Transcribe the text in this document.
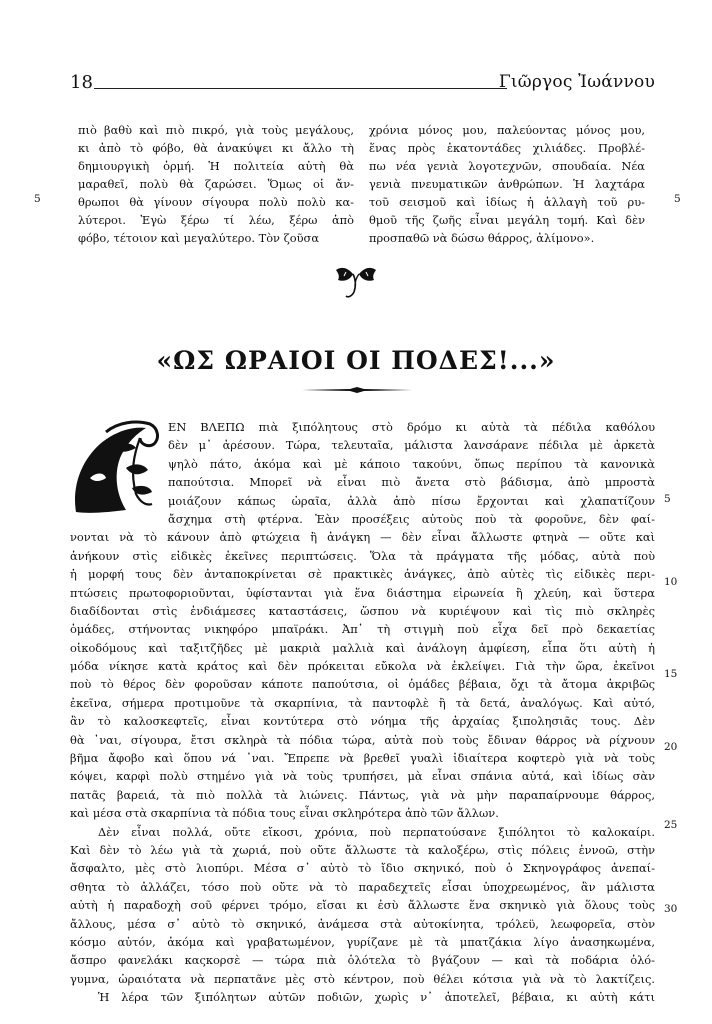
18	Γιῶργος Ἰωάννου
πιὸ βαθὺ καὶ πιὸ πικρό, γιὰ τοὺς μεγάλους,
κι ἀπὸ τὸ φόβο, θὰ ἀνακύψει κι ἄλλο τὴ
δημιουργικὴ ὁρμή. Ἡ πολιτεία αὐτὴ θὰ
μαραθεῖ, πολὺ θὰ ζαρώσει. Ὅμως οἱ ἄν-
θρωποι θὰ γίνουν σίγουρα πολὺ πολὺ κα-
λύτεροι. Ἐγὼ ξέρω τί λέω, ξέρω ἀπὸ
φόβο, τέτοιον καὶ μεγαλύτερο. Τὸν ζοῦσα
χρόνια μόνος μου, παλεύοντας μόνος μου,
ἕνας πρὸς ἑκατοντάδες χιλιάδες. Προβλέ-
πω νέα γενιὰ λογοτεχνῶν, σπουδαία. Νέα
γενιὰ πνευματικῶν ἀνθρώπων. Ἡ λαχτάρα
τοῦ σεισμοῦ καὶ ἰδίως ἡ ἀλλαγὴ τοῦ ρυ-
θμοῦ τῆς ζωῆς εἶναι μεγάλη τομή. Καὶ δὲν
προσπαθῶ νὰ δώσω θάρρος, ἀλίμονο».
5	5
«ΩΣ ΩΡΑΙΟΙ ΟΙ ΠΟΔΕΣ!...»
ΕΝ ΒΛΕΠΩ πιὰ ξιπόλητους στὸ δρόμο κι αὐτὰ τὰ πέδιλα καθόλου
δὲν μ᾽ ἀρέσουν. Τώρα, τελευταῖα, μάλιστα λανσάρανε πέδιλα μὲ ἀρκετὰ
ψηλὸ πάτο, ἀκόμα καὶ μὲ κάποιο τακούνι, ὅπως περίπου τὰ κανονικὰ
παπούτσια. Μπορεῖ νὰ εἶναι πιὸ ἄνετα στὸ βάδισμα, ἀπὸ μπροστὰ
μοιάζουν κάπως ὡραῖα, ἀλλὰ ἀπὸ πίσω ἔρχονται καὶ χλαπατίζουν
ἄσχημα στὴ φτέρνα. Ἐὰν προσέξεις αὐτοὺς ποὺ τὰ φοροῦνε, δὲν φαί-
νονται νὰ τὸ κάνουν ἀπὸ φτώχεια ἢ ἀνάγκη — δὲν εἶναι ἄλλωστε φτηνὰ — οὔτε καὶ
ἀνήκουν στὶς εἰδικὲς ἐκεῖνες περιπτώσεις. Ὅλα τὰ πράγματα τῆς μόδας, αὐτὰ ποὺ
ἡ μορφή τους δὲν ἀνταποκρίνεται σὲ πρακτικὲς ἀνάγκες, ἀπὸ αὐτὲς τὶς εἰδικὲς περι-
πτώσεις πρωτοφοριοῦνται, ὑφίστανται γιὰ ἕνα διάστημα εἰρωνεία ἢ χλεύη, καὶ ὕστερα
διαδίδονται στὶς ἐνδιάμεσες καταστάσεις, ὥσπου νὰ κυριέψουν καὶ τὶς πιὸ σκληρὲς
ὁμάδες, στήνοντας νικηφόρο μπαϊράκι. Ἀπ᾽ τὴ στιγμὴ ποὺ εἶχα δεῖ πρὸ δεκαετίας
οἰκοδόμους καὶ ταξιτζῆδες μὲ μακριὰ μαλλιὰ καὶ ἀνάλογη ἀμφίεση, εἶπα ὅτι αὐτὴ ἡ
μόδα νίκησε κατὰ κράτος καὶ δὲν πρόκειται εὔκολα νὰ ἐκλείψει. Γιὰ τὴν ὥρα, ἐκεῖνοι
ποὺ τὸ θέρος δὲν φοροῦσαν κάποτε παπούτσια, οἱ ὁμάδες βέβαια, ὄχι τὰ ἄτομα ἀκριβῶς
ἐκεῖνα, σήμερα προτιμοῦνε τὰ σκαρπίνια, τὰ παντοφλὲ ἢ τὰ δετά, ἀναλόγως. Καὶ αὐτό,
ἂν τὸ καλοσκεφτεῖς, εἶναι κοντύτερα στὸ νόημα τῆς ἀρχαίας ξιπολησιᾶς τους. Δὲν
θὰ ᾽ναι, σίγουρα, ἔτσι σκληρὰ τὰ πόδια τώρα, αὐτὰ ποὺ τοὺς ἔδιναν θάρρος νὰ ρίχνουν
βῆμα ἄφοβο καὶ ὅπου νά ᾽ναι. Ἔπρεπε νὰ βρεθεῖ γυαλὶ ἰδιαίτερα κοφτερὸ γιὰ νὰ τοὺς
κόψει, καρφὶ πολὺ στημένο γιὰ νὰ τοὺς τρυπήσει, μὰ εἶναι σπάνια αὐτά, καὶ ἰδίως σὰν
πατᾶς βαρειά, τὰ πιὸ πολλὰ τὰ λιώνεις. Πάντως, γιὰ νὰ μὴν παραπαίρνουμε θάρρος,
καὶ μέσα στὰ σκαρπίνια τὰ πόδια τους εἶναι σκληρότερα ἀπὸ τῶν ἄλλων.
Δὲν εἶναι πολλά, οὔτε εἴκοσι, χρόνια, ποὺ περπατούσανε ξιπόλητοι τὸ καλοκαίρι.
Καὶ δὲν τὸ λέω γιὰ τὰ χωριά, ποὺ οὔτε ἄλλωστε τὰ καλοξέρω, στὶς πόλεις ἐννοῶ, στὴν
ἄσφαλτο, μὲς στὸ λιοπύρι. Μέσα σ᾽ αὐτὸ τὸ ἴδιο σκηνικό, ποὺ ὁ Σκηνογράφος ἀνεπαί-
σθητα τὸ ἀλλάζει, τόσο ποὺ οὔτε νὰ τὸ παραδεχτεῖς εἶσαι ὑποχρεωμένος, ἂν μάλιστα
αὐτὴ ἡ παραδοχὴ σοῦ φέρνει τρόμο, εἴσαι κι ἐσὺ ἄλλωστε ἕνα σκηνικὸ γιὰ ὅλους τοὺς
ἄλλους, μέσα σ᾽ αὐτὸ τὸ σκηνικό, ἀνάμεσα στὰ αὐτοκίνητα, τρόλεϋ, λεωφορεῖα, στὸν
κόσμο αὐτόν, ἀκόμα καὶ γραβατωμένον, γυρίζανε μὲ τὰ μπατζάκια λίγο ἀνασηκωμένα,
ἄσπρο φανελάκι καςκορσὲ — τώρα πιὰ ὁλότελα τὸ βγάζουν — καὶ τὰ ποδάρια ὁλό-
γυμνα, ὡραιότατα νὰ περπατᾶνε μὲς στὸ κέντρον, ποὺ θέλει κότσια γιὰ νὰ τὸ λακτίζεις.
Ἡ λέρα τῶν ξιπόλητων αὐτῶν ποδιῶν, χωρὶς ν᾽ ἀποτελεῖ, βέβαια, κι αὐτὴ κάτι
5
10
15
20
25
30
